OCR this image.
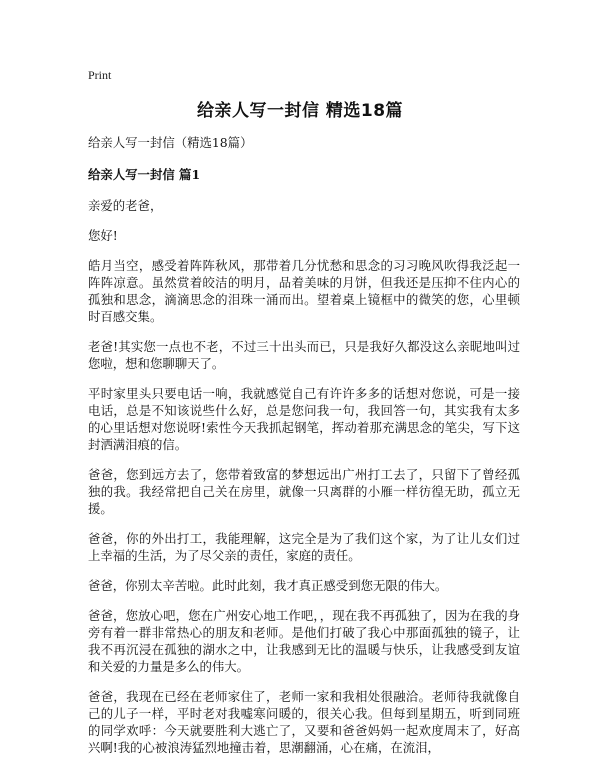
Print
给亲人写一封信 精选18篇
给亲人写一封信（精选18篇）
给亲人写一封信 篇1
亲爱的老爸，
您好!
皓月当空，感受着阵阵秋风，那带着几分忧愁和思念的习习晚风吹得我泛起一阵阵凉意。虽然赏着皎洁的明月，品着美味的月饼，但我还是压抑不住内心的孤独和思念，滴滴思念的泪珠一涌而出。望着桌上镜框中的微笑的您，心里顿时百感交集。
老爸!其实您一点也不老，不过三十出头而已，只是我好久都没这么亲昵地叫过您啦，想和您聊聊天了。
平时家里头只要电话一响，我就感觉自己有许许多多的话想对您说，可是一接电话，总是不知该说些什么好，总是您问我一句，我回答一句，其实我有太多的心里话想对您说呀!索性今天我抓起钢笔，挥动着那充满思念的笔尖，写下这封洒满泪痕的信。
爸爸，您到远方去了，您带着致富的梦想远出广州打工去了，只留下了曾经孤独的我。我经常把自己关在房里，就像一只离群的小雁一样彷徨无助，孤立无援。
爸爸，你的外出打工，我能理解，这完全是为了我们这个家，为了让儿女们过上幸福的生活，为了尽父亲的责任，家庭的责任。
爸爸，你别太辛苦啦。此时此刻，我才真正感受到您无限的伟大。
爸爸，您放心吧，您在广州安心地工作吧，，现在我不再孤独了，因为在我的身旁有着一群非常热心的朋友和老师。是他们打破了我心中那面孤独的镜子，让我不再沉浸在孤独的湖水之中，让我感到无比的温暖与快乐，让我感受到友谊和关爱的力量是多么的伟大。
爸爸，我现在已经在老师家住了，老师一家和我相处很融洽。老师待我就像自己的儿子一样，平时老对我嘘寒问暖的，很关心我。但每到星期五，听到同班的同学欢呼：今天就要胜利大逃亡了，又要和爸爸妈妈一起欢度周末了，好高兴啊!我的心被浪涛猛烈地撞击着，思潮翻涌，心在痛，在流泪，
